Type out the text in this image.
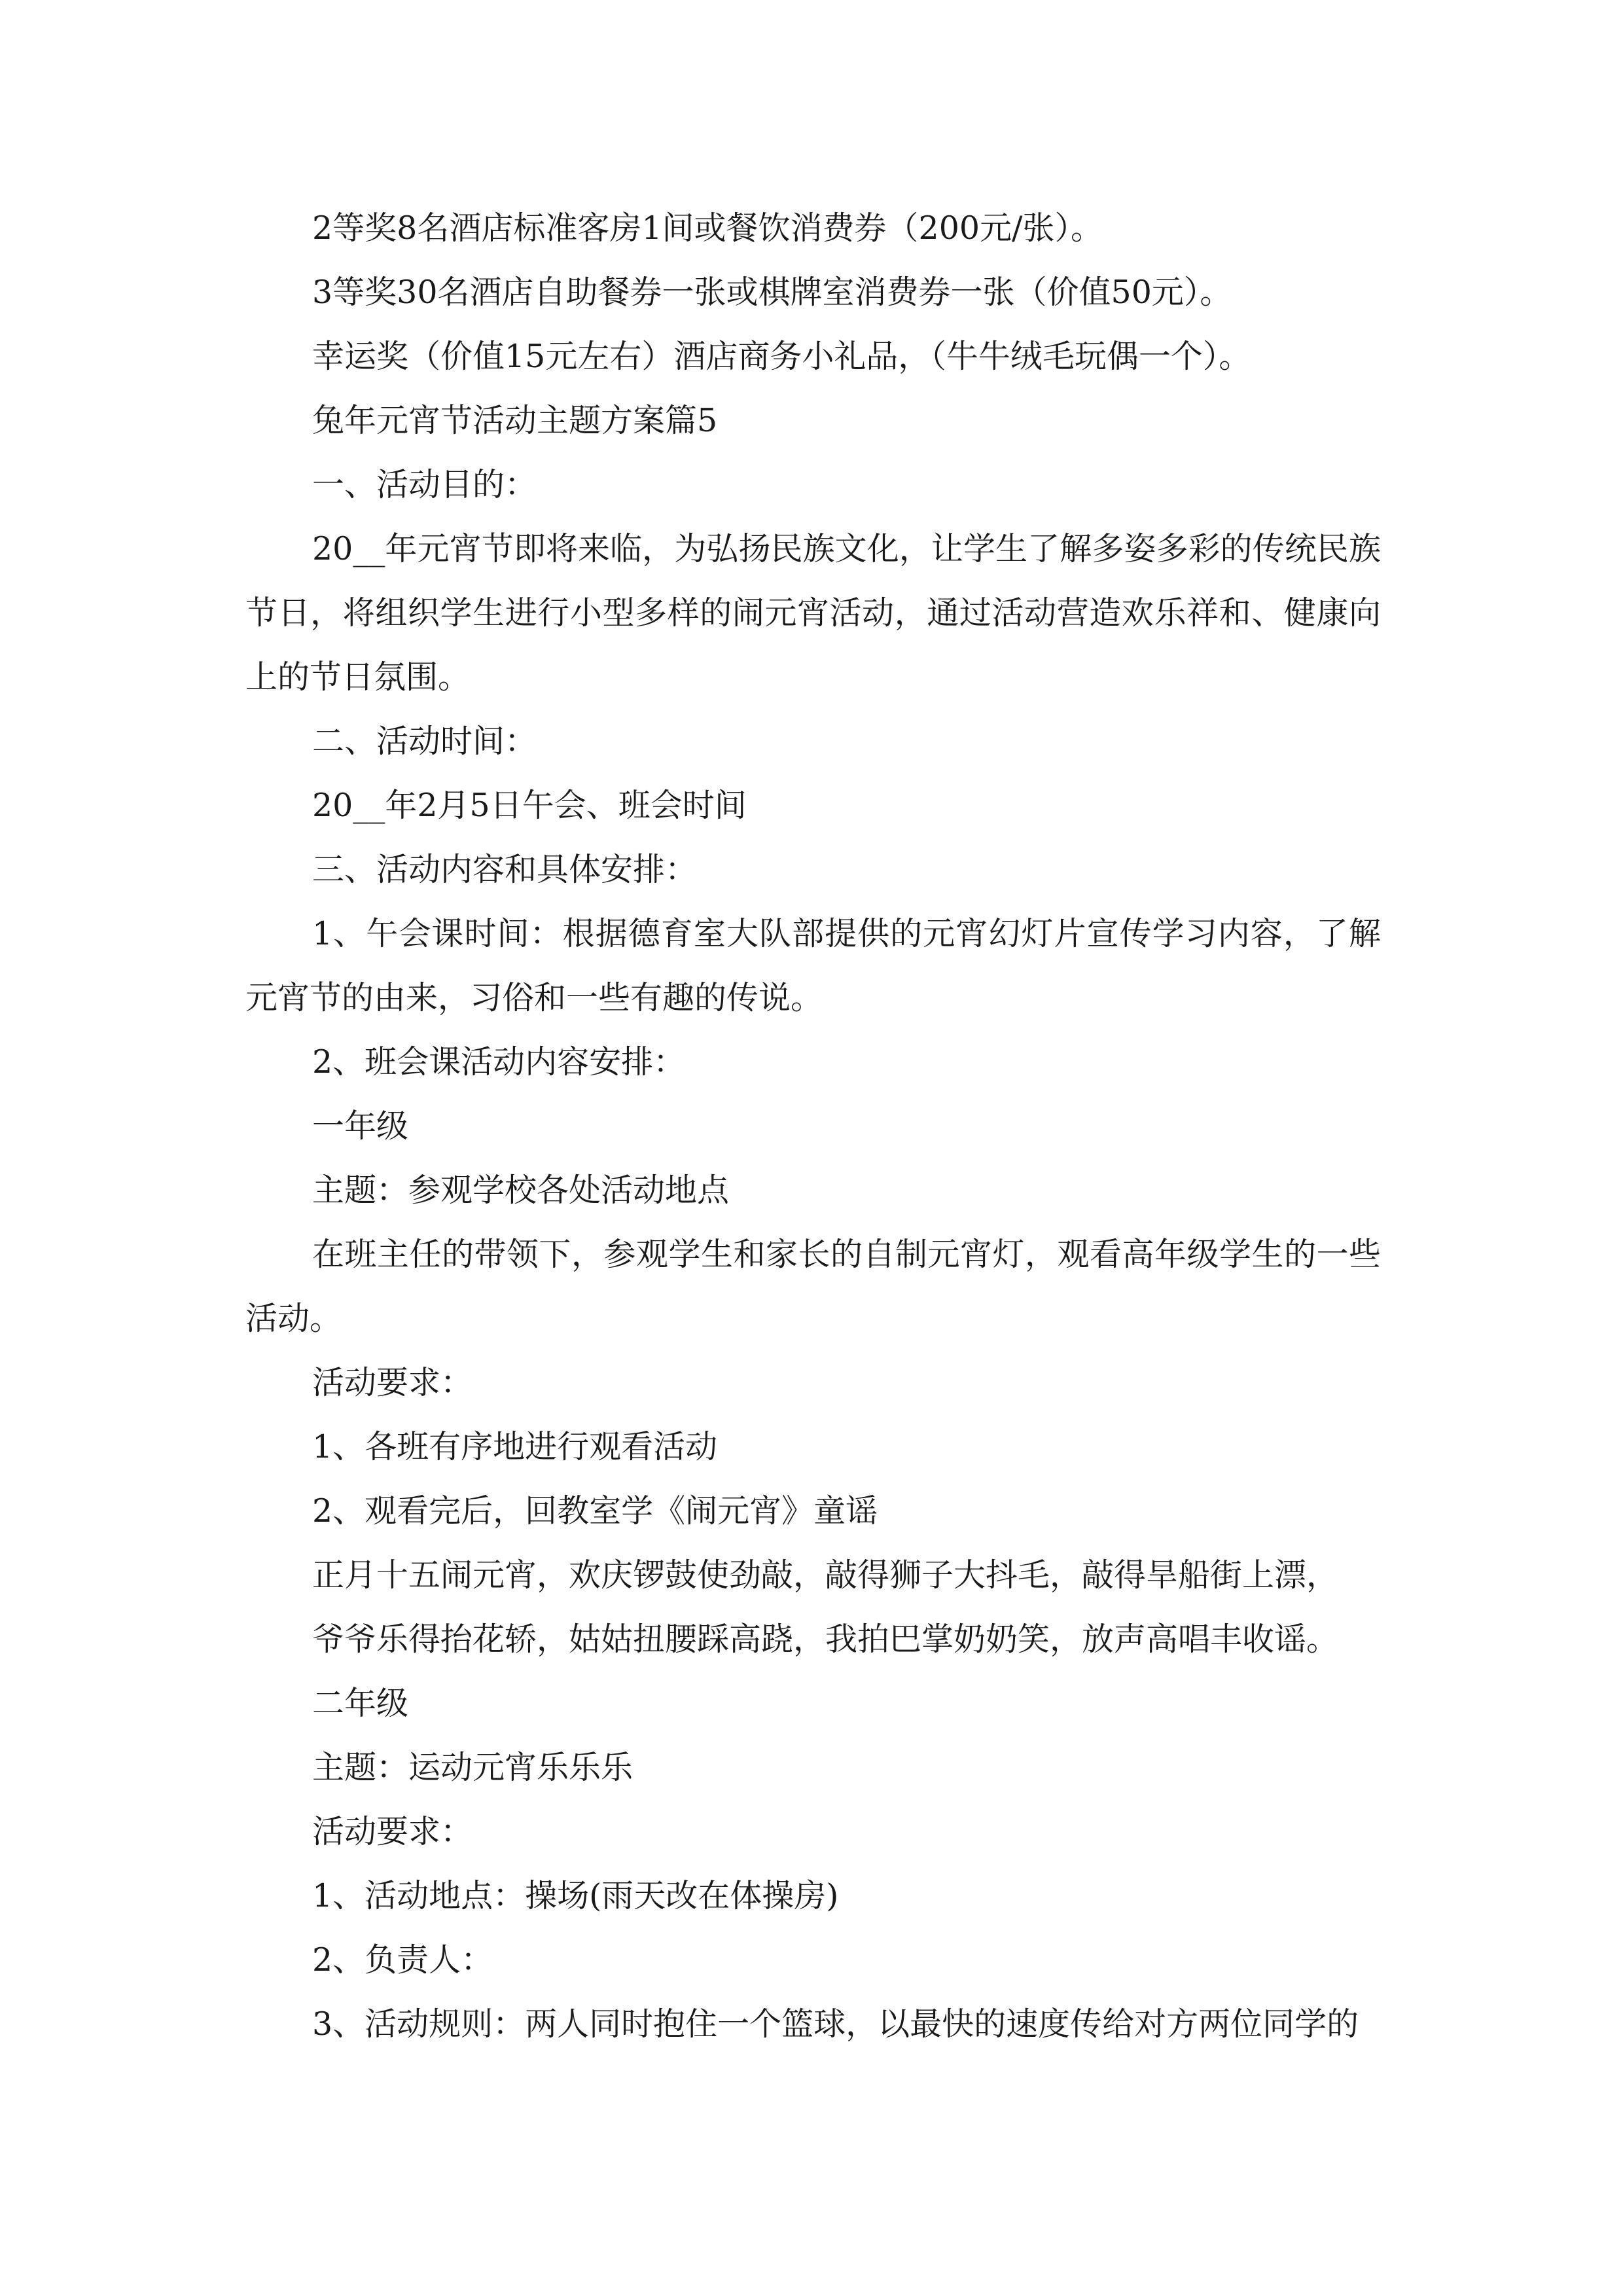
2等奖8名酒店标准客房1间或餐饮消费券（200元/张）。

3等奖30名酒店自助餐券一张或棋牌室消费券一张（价值50元）。

幸运奖（价值15元左右）酒店商务小礼品，（牛牛绒毛玩偶一个）。

兔年元宵节活动主题方案篇5

一、活动目的：

20__年元宵节即将来临，为弘扬民族文化，让学生了解多姿多彩的传统民族节日，将组织学生进行小型多样的闹元宵活动，通过活动营造欢乐祥和、健康向上的节日氛围。

二、活动时间：

20__年2月5日午会、班会时间

三、活动内容和具体安排：

1、午会课时间：根据德育室大队部提供的元宵幻灯片宣传学习内容，了解元宵节的由来，习俗和一些有趣的传说。

2、班会课活动内容安排：

一年级

主题：参观学校各处活动地点

在班主任的带领下，参观学生和家长的自制元宵灯，观看高年级学生的一些活动。

活动要求：

1、各班有序地进行观看活动

2、观看完后，回教室学《闹元宵》童谣

正月十五闹元宵，欢庆锣鼓使劲敲，敲得狮子大抖毛，敲得旱船街上漂，

爷爷乐得抬花轿，姑姑扭腰踩高跷，我拍巴掌奶奶笑，放声高唱丰收谣。

二年级

主题：运动元宵乐乐乐

活动要求：

1、活动地点：操场(雨天改在体操房)

2、负责人：

3、活动规则：两人同时抱住一个篮球，以最快的速度传给对方两位同学的
